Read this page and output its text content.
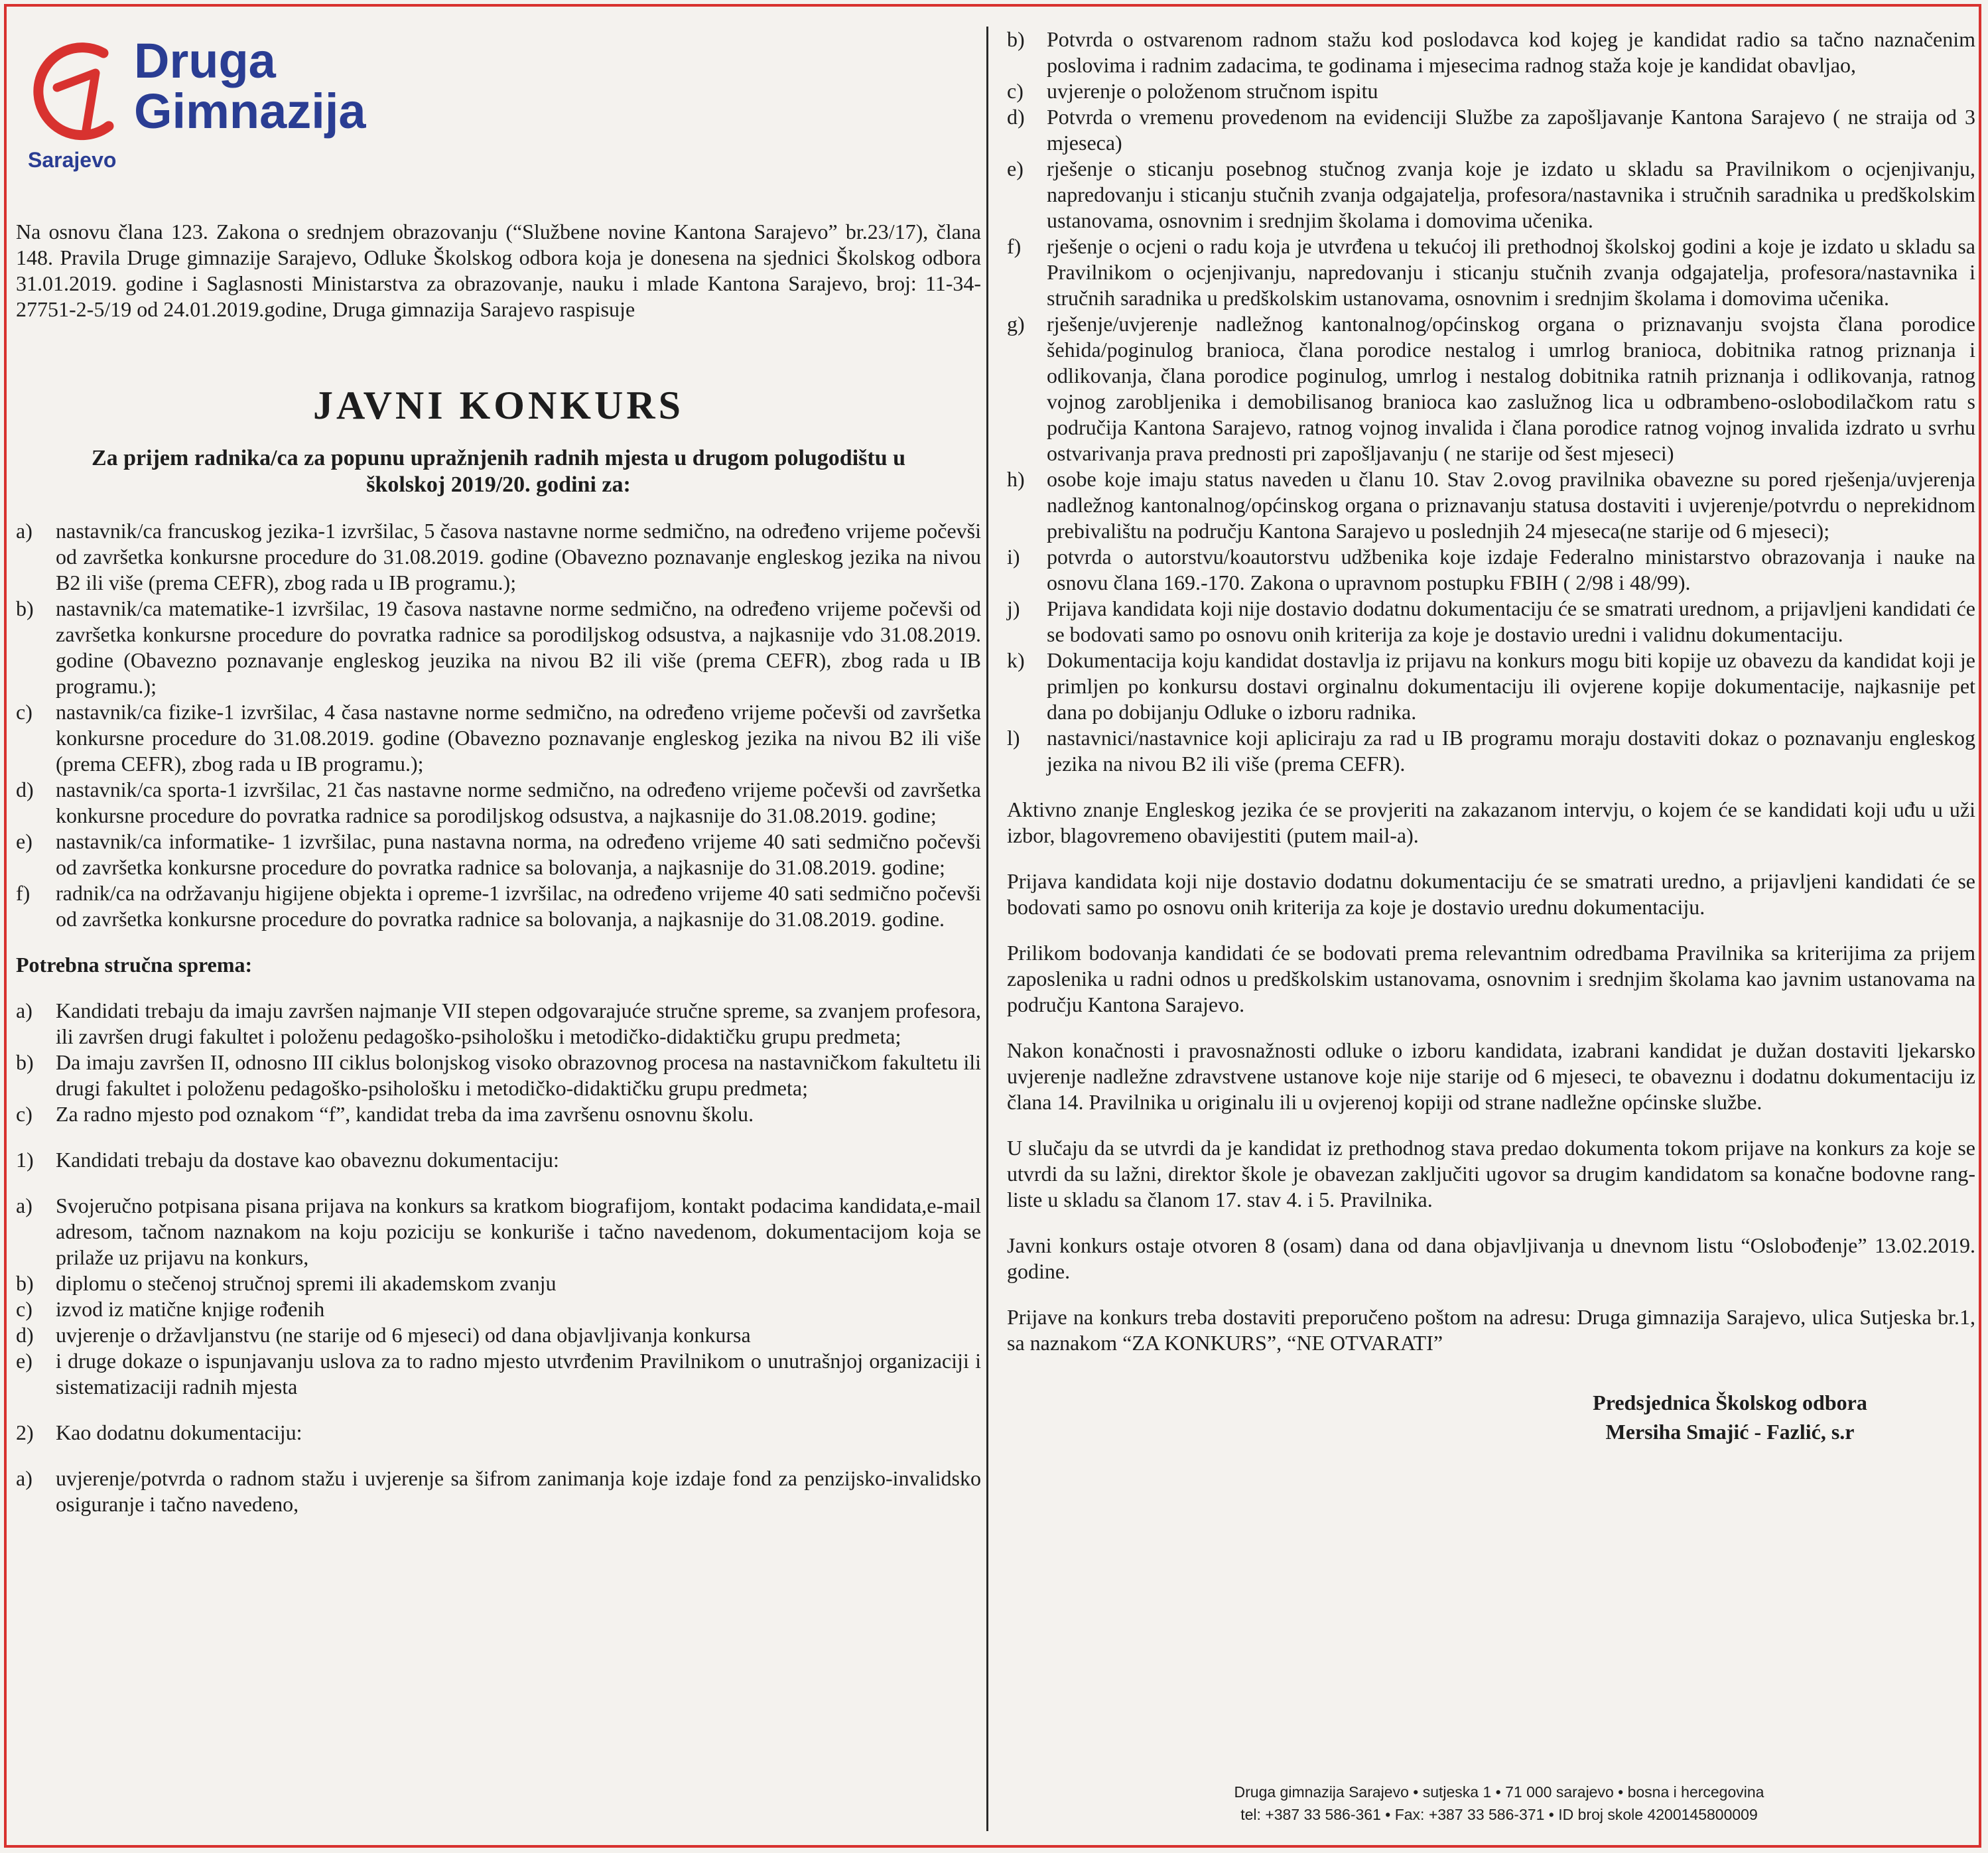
Druga
Gimnazija
Sarajevo

Na osnovu člana 123. Zakona o srednjem obrazovanju (“Službene novine Kantona Sarajevo” br.23/17), člana 148. Pravila Druge gimnazije Sarajevo, Odluke Školskog odbora koja je donesena na sjednici Školskog odbora 31.01.2019. godine i Saglasnosti Ministarstva za obrazovanje, nauku i mlade Kantona Sarajevo, broj: 11-34-27751-2-5/19 od 24.01.2019.godine, Druga gimnazija Sarajevo raspisuje

JAVNI KONKURS
Za prijem radnika/ca za popunu upražnjenih radnih mjesta u drugom polugodištu u školskoj 2019/20. godini za:
a) nastavnik/ca francuskog jezika-1 izvršilac, 5 časova nastavne norme sedmično, na određeno vrijeme počevši od završetka konkursne procedure do 31.08.2019. godine (Obavezno poznavanje engleskog jezika na nivou B2 ili više (prema CEFR), zbog rada u IB programu.);
b) nastavnik/ca matematike-1 izvršilac, 19 časova nastavne norme sedmično, na određeno vrijeme počevši od završetka konkursne procedure do povratka radnice sa porodiljskog odsustva, a najkasnije vdo 31.08.2019. godine (Obavezno poznavanje engleskog jeuzika na nivou B2 ili više (prema CEFR), zbog rada u IB programu.);
c) nastavnik/ca fizike-1 izvršilac, 4 časa nastavne norme sedmično, na određeno vrijeme počevši od završetka konkursne procedure do 31.08.2019. godine (Obavezno poznavanje engleskog jezika na nivou B2 ili više (prema CEFR), zbog rada u IB programu.);
d) nastavnik/ca sporta-1 izvršilac, 21 čas nastavne norme sedmično, na određeno vrijeme počevši od završetka konkursne procedure do povratka radnice sa porodiljskog odsustva, a najkasnije do 31.08.2019. godine;
e) nastavnik/ca informatike- 1 izvršilac, puna nastavna norma, na određeno vrijeme 40 sati sedmično počevši od završetka konkursne procedure do povratka radnice sa bolovanja, a najkasnije do 31.08.2019. godine;
f) radnik/ca na održavanju higijene objekta i opreme-1 izvršilac, na određeno vrijeme 40 sati sedmično počevši od završetka konkursne procedure do povratka radnice sa bolovanja, a najkasnije do 31.08.2019. godine.
Potrebna stručna sprema:
a) Kandidati trebaju da imaju završen najmanje VII stepen odgovarajuće stručne spreme, sa zvanjem profesora, ili završen drugi fakultet i položenu pedagoško-psihološku i metodičko-didaktičku grupu predmeta;
b) Da imaju završen II, odnosno III ciklus bolonjskog visoko obrazovnog procesa na nastavničkom fakultetu ili drugi fakultet i položenu pedagoško-psihološku i metodičko-didaktičku grupu predmeta;
c) Za radno mjesto pod oznakom “f”, kandidat treba da ima završenu osnovnu školu.
1) Kandidati trebaju da dostave kao obaveznu dokumentaciju:
a) Svojeručno potpisana pisana prijava na konkurs sa kratkom biografijom, kontakt podacima kandidata,e-mail adresom, tačnom naznakom na koju poziciju se konkuriše i tačno navedenom, dokumentacijom koja se prilaže uz prijavu na konkurs,
b) diplomu o stečenoj stručnoj spremi ili akademskom zvanju
c) izvod iz matične knjige rođenih
d) uvjerenje o državljanstvu (ne starije od 6 mjeseci) od dana objavljivanja konkursa
e) i druge dokaze o ispunjavanju uslova za to radno mjesto utvrđenim Pravilnikom o unutrašnjoj organizaciji i sistematizaciji radnih mjesta
2) Kao dodatnu dokumentaciju:
a) uvjerenje/potvrda o radnom stažu i uvjerenje sa šifrom zanimanja koje izdaje fond za penzijsko-invalidsko osiguranje i tačno navedeno,
b) Potvrda o ostvarenom radnom stažu kod poslodavca kod kojeg je kandidat radio sa tačno naznačenim poslovima i radnim zadacima, te godinama i mjesecima radnog staža koje je kandidat obavljao,
c) uvjerenje o položenom stručnom ispitu
d) Potvrda o vremenu provedenom na evidenciji Službe za zapošljavanje Kantona Sarajevo ( ne straija od 3 mjeseca)
e) rješenje o sticanju posebnog stučnog zvanja koje je izdato u skladu sa Pravilnikom o ocjenjivanju, napredovanju i sticanju stučnih zvanja odgajatelja, profesora/nastavnika i stručnih saradnika u predškolskim ustanovama, osnovnim i srednjim školama i domovima učenika.
f) rješenje o ocjeni o radu koja je utvrđena u tekućoj ili prethodnoj školskoj godini a koje je izdato u skladu sa Pravilnikom o ocjenjivanju, napredovanju i sticanju stučnih zvanja odgajatelja, profesora/nastavnika i stručnih saradnika u predškolskim ustanovama, osnovnim i srednjim školama i domovima učenika.
g) rješenje/uvjerenje nadležnog kantonalnog/općinskog organa o priznavanju svojsta člana porodice šehida/poginulog branioca, člana porodice nestalog i umrlog branioca, dobitnika ratnog priznanja i odlikovanja, člana porodice poginulog, umrlog i nestalog dobitnika ratnih priznanja i odlikovanja, ratnog vojnog zarobljenika i demobilisanog branioca kao zaslužnog lica u odbrambeno-oslobodilačkom ratu s područija Kantona Sarajevo, ratnog vojnog invalida i člana porodice ratnog vojnog invalida izdrato u svrhu ostvarivanja prava prednosti pri zapošljavanju ( ne starije od šest mjeseci)
h) osobe koje imaju status naveden u članu 10. Stav 2.ovog pravilnika obavezne su pored rješenja/uvjerenja nadležnog kantonalnog/općinskog organa o priznavanju statusa dostaviti i uvjerenje/potvrdu o neprekidnom prebivalištu na području Kantona Sarajevo u poslednjih 24 mjeseca(ne starije od 6 mjeseci);
i) potvrda o autorstvu/koautorstvu udžbenika koje izdaje Federalno ministarstvo obrazovanja i nauke na osnovu člana 169.-170. Zakona o upravnom postupku FBIH ( 2/98 i 48/99).
j) Prijava kandidata koji nije dostavio dodatnu dokumentaciju će se smatrati urednom, a prijavljeni kandidati će se bodovati samo po osnovu onih kriterija za koje je dostavio uredni i validnu dokumentaciju.
k) Dokumentacija koju kandidat dostavlja iz prijavu na konkurs mogu biti kopije uz obavezu da kandidat koji je primljen po konkursu dostavi orginalnu dokumentaciju ili ovjerene kopije dokumentacije, najkasnije pet dana po dobijanju Odluke o izboru radnika.
l) nastavnici/nastavnice koji apliciraju za rad u IB programu moraju dostaviti dokaz o poznavanju engleskog jezika na nivou B2 ili više (prema CEFR).

Aktivno znanje Engleskog jezika će se provjeriti na zakazanom intervju, o kojem će se kandidati koji uđu u uži izbor, blagovremeno obavijestiti (putem mail-a).

Prijava kandidata koji nije dostavio dodatnu dokumentaciju će se smatrati uredno, a prijavljeni kandidati će se bodovati samo po osnovu onih kriterija za koje je dostavio urednu dokumentaciju.

Prilikom bodovanja kandidati će se bodovati prema relevantnim odredbama Pravilnika sa kriterijima za prijem zaposlenika u radni odnos u predškolskim ustanovama, osnovnim i srednjim školama kao javnim ustanovama na području Kantona Sarajevo.

Nakon konačnosti i pravosnažnosti odluke o izboru kandidata, izabrani kandidat je dužan dostaviti ljekarsko uvjerenje nadležne zdravstvene ustanove koje nije starije od 6 mjeseci, te obaveznu i dodatnu dokumentaciju iz člana 14. Pravilnika u originalu ili u ovjerenoj kopiji od strane nadležne općinske službe.

U slučaju da se utvrdi da je kandidat iz prethodnog stava predao dokumenta tokom prijave na konkurs za koje se utvrdi da su lažni, direktor škole je obavezan zaključiti ugovor sa drugim kandidatom sa konačne bodovne rang-liste u skladu sa članom 17. stav 4. i 5. Pravilnika.

Javni konkurs ostaje otvoren 8 (osam) dana od dana objavljivanja u dnevnom listu “Oslobođenje” 13.02.2019. godine.

Prijave na konkurs treba dostaviti preporučeno poštom na adresu: Druga gimnazija Sarajevo, ulica Sutjeska br.1, sa naznakom “ZA KONKURS”, “NE OTVARATI”

Predsjednica Školskog odbora
Mersiha Smajić - Fazlić, s.r
Druga gimnazija Sarajevo • sutjeska 1 • 71 000 sarajevo • bosna i hercegovina
tel: +387 33 586-361 • Fax: +387 33 586-371 • ID broj skole 4200145800009
